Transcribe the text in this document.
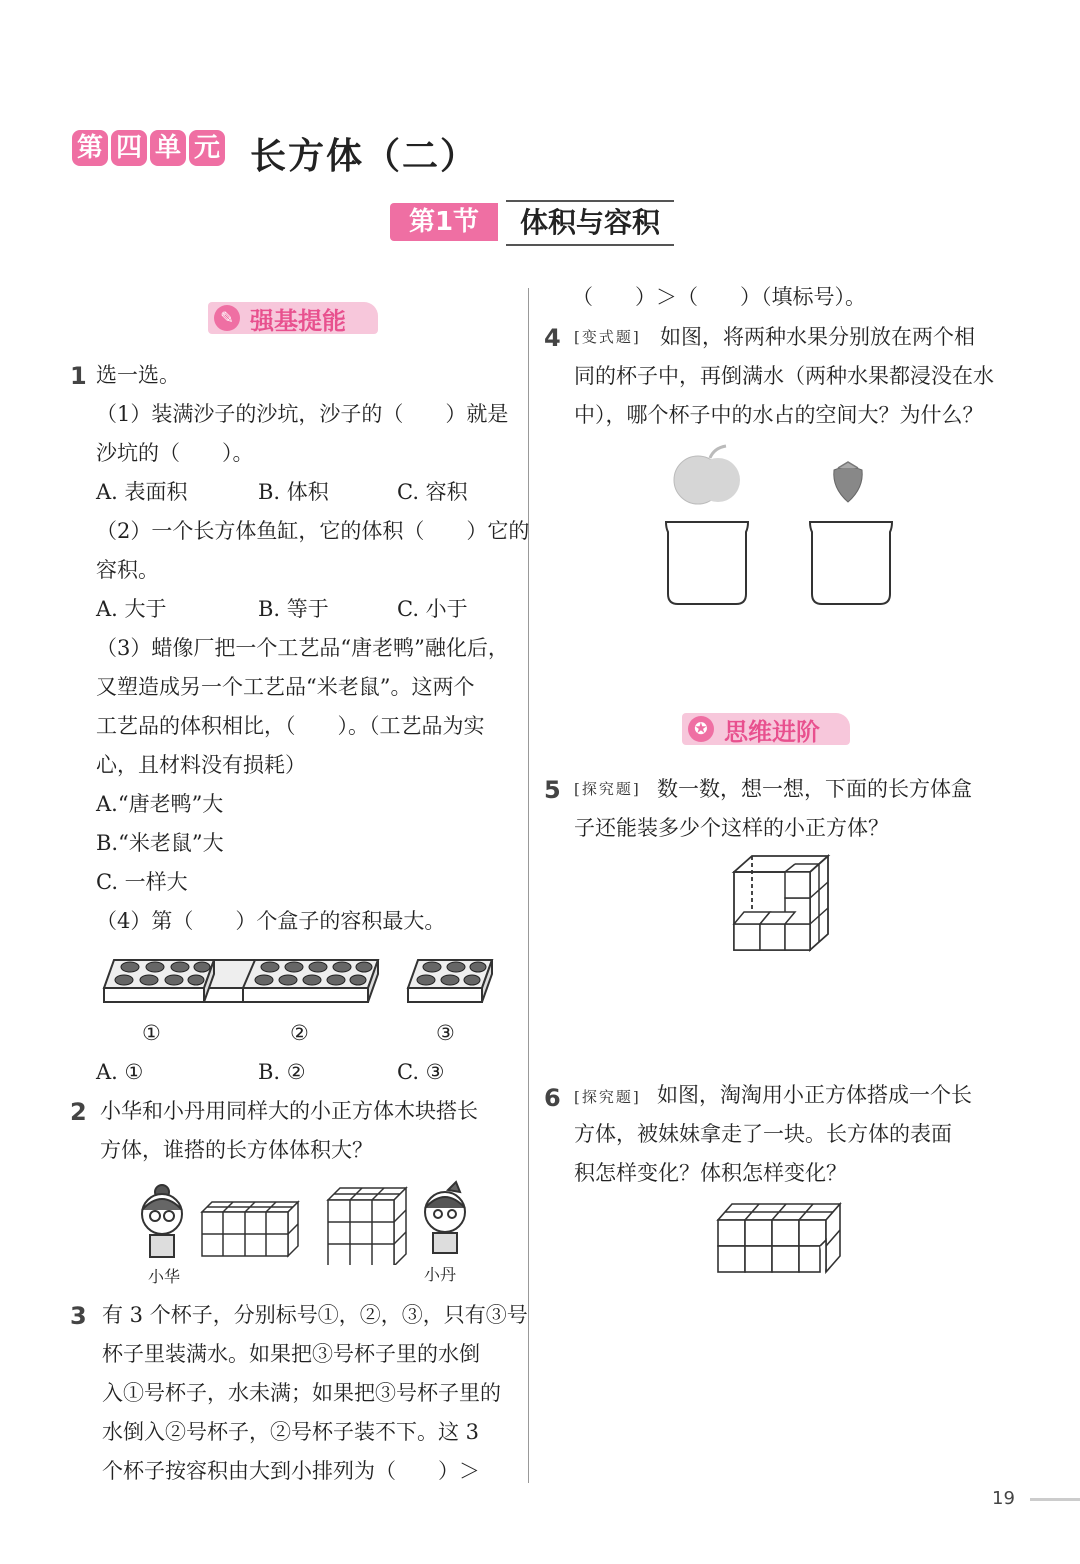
第 四 单 元 长方体（二）
第1节	体积与容积
✎ 强基提能
1 选一选。
（1）装满沙子的沙坑，沙子的（　　）就是
沙坑的（　　）。
A. 表面积	B. 体积	C. 容积
（2）一个长方体鱼缸，它的体积（　　）它的
容积。
A. 大于	B. 等于	C. 小于
（3）蜡像厂把一个工艺品“唐老鸭”融化后，
又塑造成另一个工艺品“米老鼠”。这两个
工艺品的体积相比，（　　）。（工艺品为实
心，且材料没有损耗）
A.“唐老鸭”大
B.“米老鼠”大
C. 一样大
（4）第（　　）个盒子的容积最大。
①	②	③
A. ①	B. ②	C. ③
2 小华和小丹用同样大的小正方体木块搭长
方体，谁搭的长方体体积大？
小华	小丹
3 有 3 个杯子，分别标号①，②，③，只有③号
杯子里装满水。如果把③号杯子里的水倒
入①号杯子，水未满；如果把③号杯子里的
水倒入②号杯子，②号杯子装不下。这 3
个杯子按容积由大到小排列为（　　）＞
（　　）＞（　　）（填标号）。
4 [变式题] 如图，将两种水果分别放在两个相
同的杯子中，再倒满水（两种水果都浸没在水
中），哪个杯子中的水占的空间大？为什么？
✪ 思维进阶
5 [探究题] 数一数，想一想，下面的长方体盒
子还能装多少个这样的小正方体？
6 [探究题] 如图，淘淘用小正方体搭成一个长
方体，被妹妹拿走了一块。长方体的表面
积怎样变化？体积怎样变化？
19
